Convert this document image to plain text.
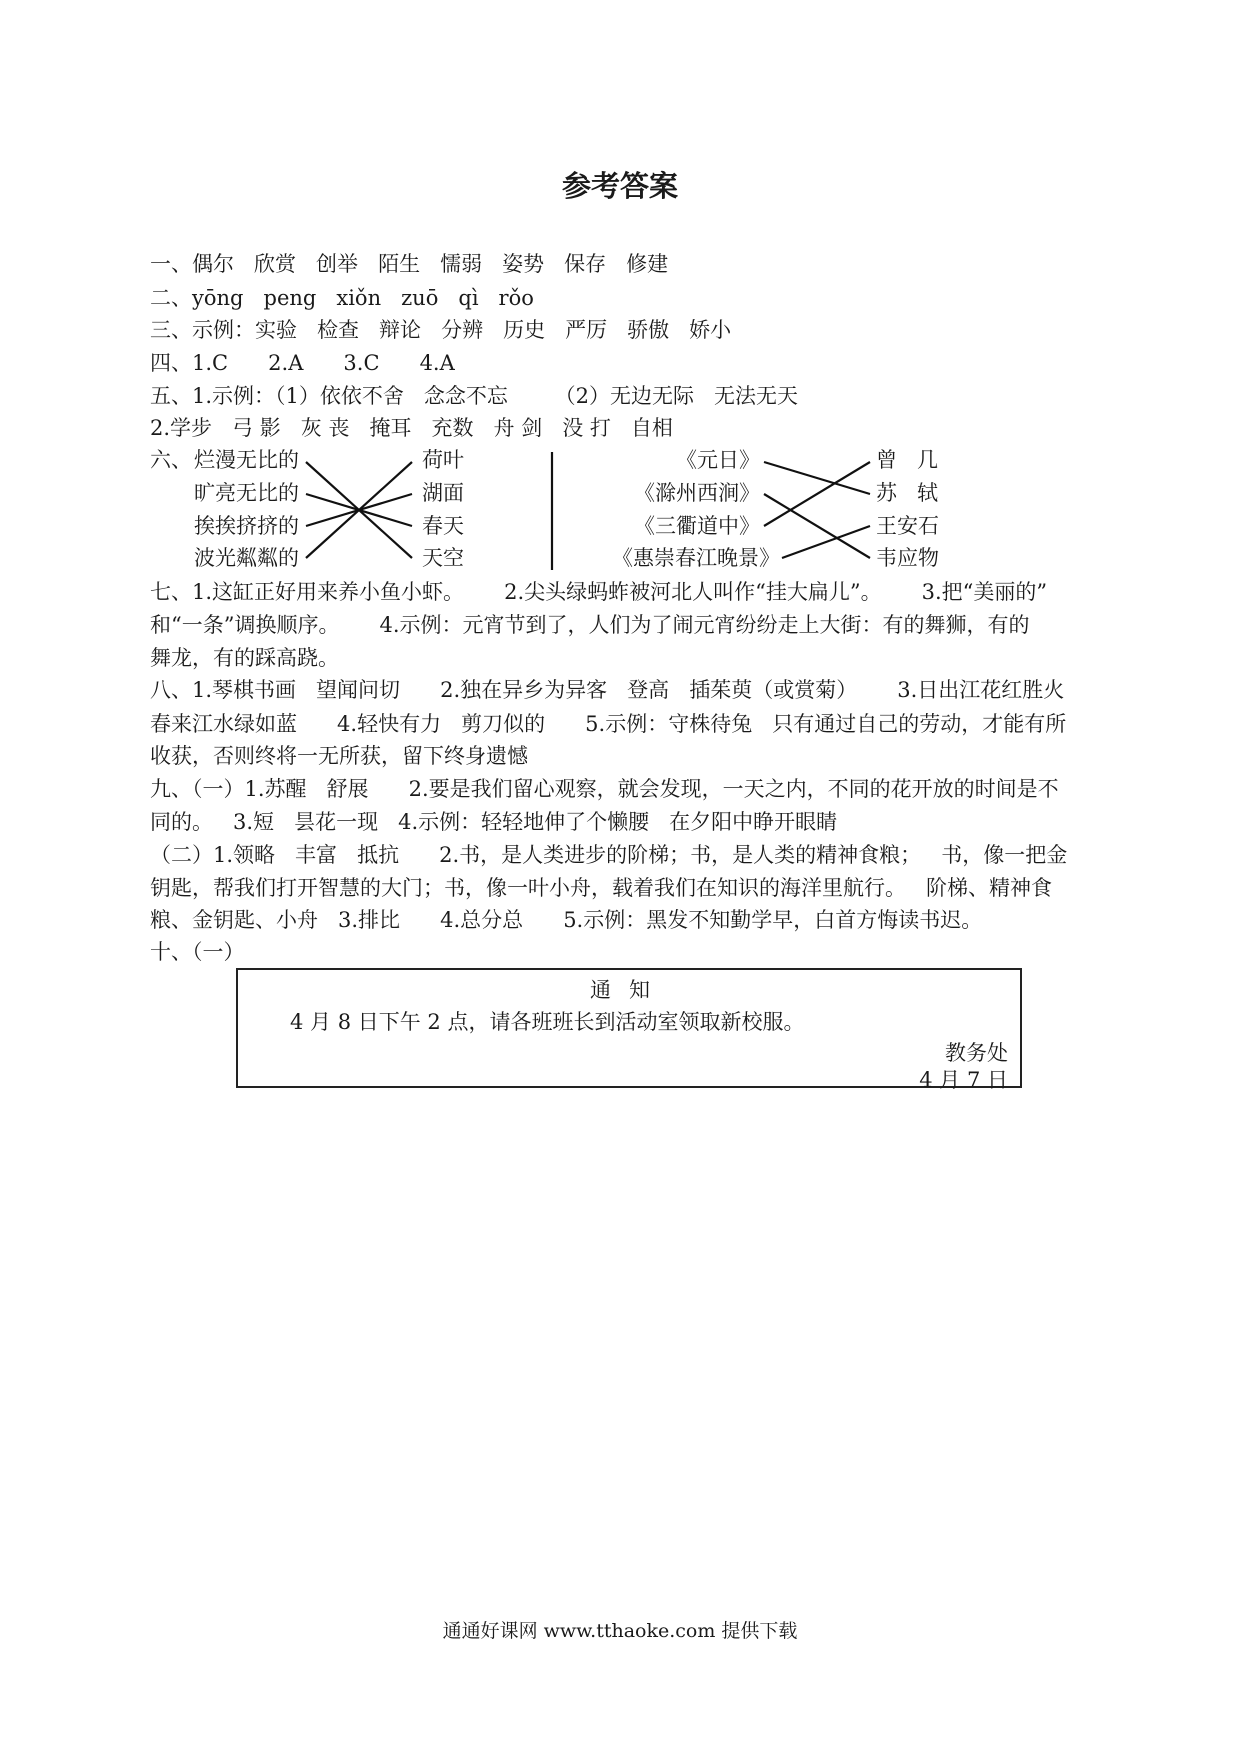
参考答案
一、偶尔   欣赏   创举   陌生   懦弱   姿势   保存   修建
二、yōng   peng   xiǒn   zuō   qì   rǒo
三、示例：实验   检查   辩论   分辨   历史   严厉   骄傲   娇小
四、1.C      2.A      3.C      4.A
五、1.示例：（1）依依不舍   念念不忘       （2）无边无际   无法无天
2.学步   弓 影   灰 丧   掩耳   充数   舟 剑   没 打   自相
六、 烂漫无比的
旷亮无比的
挨挨挤挤的
波光粼粼的
荷叶
湖面
春天
天空
《元日》
《滁州西涧》
《三衢道中》
《惠崇春江晚景》
曾   几
苏   轼
王安石
韦应物
七、1.这缸正好用来养小鱼小虾。      2.尖头绿蚂蚱被河北人叫作“挂大扁儿”。      3.把“美丽的”
和“一条”调换顺序。      4.示例：元宵节到了，人们为了闹元宵纷纷走上大街：有的舞狮，有的
舞龙，有的踩高跷。
八、1.琴棋书画   望闻问切      2.独在异乡为异客   登高   插茱萸（或赏菊）      3.日出江花红胜火
春来江水绿如蓝      4.轻快有力   剪刀似的      5.示例：守株待兔   只有通过自己的劳动，才能有所
收获，否则终将一无所获，留下终身遗憾
九、（一）1.苏醒   舒展      2.要是我们留心观察，就会发现，一天之内，不同的花开放的时间是不
同的。   3.短   昙花一现   4.示例：轻轻地伸了个懒腰   在夕阳中睁开眼睛
（二）1.领略   丰富   抵抗      2.书，是人类进步的阶梯；书，是人类的精神食粮；   书，像一把金
钥匙，帮我们打开智慧的大门；书，像一叶小舟，载着我们在知识的海洋里航行。   阶梯、精神食
粮、金钥匙、小舟   3.排比      4.总分总      5.示例：黑发不知勤学早，白首方悔读书迟。
十、（一）
通知
4 月 8 日下午 2 点，请各班班长到活动室领取新校服。
教务处
4 月 7 日
通通好课网 www.tthaoke.com 提供下载
